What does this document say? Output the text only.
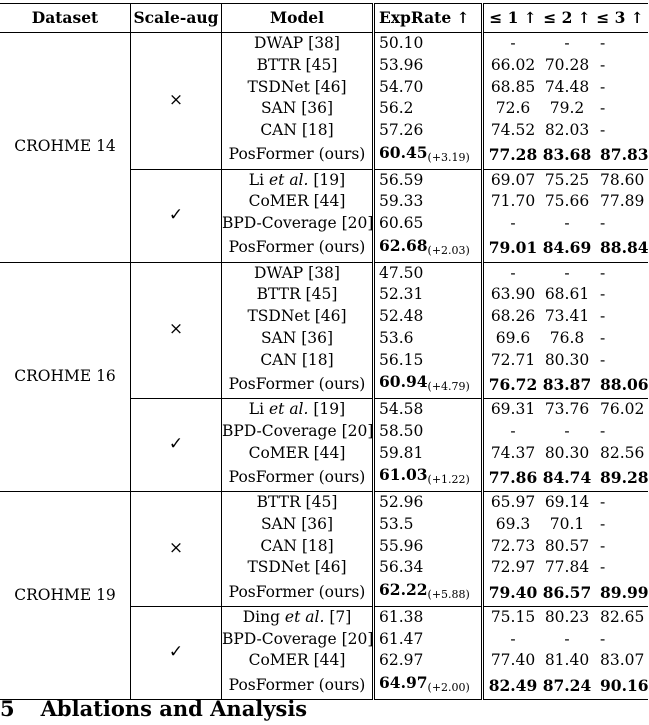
Dataset	Scale-aug	Model	ExpRate ↑	≤ 1 ↑	≤ 2 ↑	≤ 3 ↑
CROHME 14	×	DWAP [38]	50.10	-	-	-
		BTTR [45]	53.96	66.02	70.28	-
		TSDNet [46]	54.70	68.85	74.48	-
		SAN [36]	56.2	72.6	79.2	-
		CAN [18]	57.26	74.52	82.03	-
		PosFormer (ours)	60.45(+3.19)	77.28	83.68	87.83
	✓	Li et al. [19]	56.59	69.07	75.25	78.60
		CoMER [44]	59.33	71.70	75.66	77.89
		BPD-Coverage [20]	60.65	-	-	-
		PosFormer (ours)	62.68(+2.03)	79.01	84.69	88.84
CROHME 16	×	DWAP [38]	47.50	-	-	-
		BTTR [45]	52.31	63.90	68.61	-
		TSDNet [46]	52.48	68.26	73.41	-
		SAN [36]	53.6	69.6	76.8	-
		CAN [18]	56.15	72.71	80.30	-
		PosFormer (ours)	60.94(+4.79)	76.72	83.87	88.06
	✓	Li et al. [19]	54.58	69.31	73.76	76.02
		BPD-Coverage [20]	58.50	-	-	-
		CoMER [44]	59.81	74.37	80.30	82.56
		PosFormer (ours)	61.03(+1.22)	77.86	84.74	89.28
CROHME 19	×	BTTR [45]	52.96	65.97	69.14	-
		SAN [36]	53.5	69.3	70.1	-
		CAN [18]	55.96	72.73	80.57	-
		TSDNet [46]	56.34	72.97	77.84	-
		PosFormer (ours)	62.22(+5.88)	79.40	86.57	89.99
	✓	Ding et al. [7]	61.38	75.15	80.23	82.65
		BPD-Coverage [20]	61.47	-	-	-
		CoMER [44]	62.97	77.40	81.40	83.07
		PosFormer (ours)	64.97(+2.00)	82.49	87.24	90.16
5 Ablations and Analysis
